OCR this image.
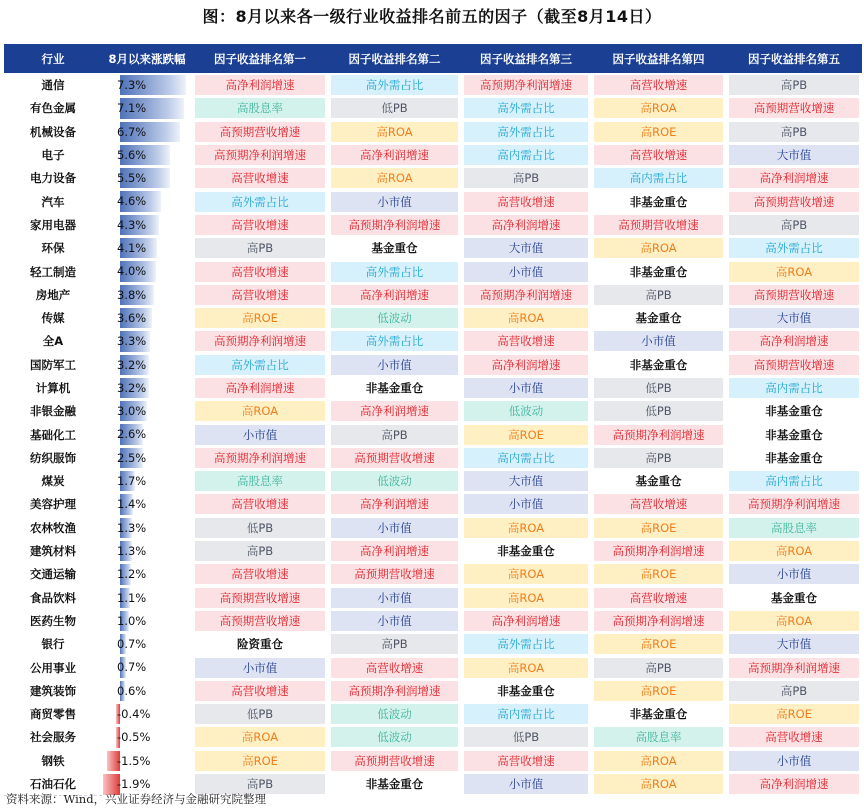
图：8月以来各一级行业收益排名前五的因子（截至8月14日）
行业	8月以来涨跌幅	因子收益排名第一	因子收益排名第二	因子收益排名第三	因子收益排名第四	因子收益排名第五
通信	7.3%	高净利润增速	高外需占比	高预期净利润增速	高营收增速	高PB

有色金属	7.1%	高股息率	低PB	高外需占比	高ROA	高预期营收增速

机械设备	6.7%	高预期营收增速	高ROA	高外需占比	高ROE	高PB

电子	5.6%	高预期净利润增速	高净利润增速	高内需占比	高营收增速	大市值

电力设备	5.5%	高营收增速	高ROA	高PB	高内需占比	高净利润增速

汽车	4.6%	高外需占比	小市值	高营收增速	非基金重仓	高预期营收增速

家用电器	4.3%	高营收增速	高预期净利润增速	高净利润增速	高预期营收增速	高PB

环保	4.1%	高PB	基金重仓	大市值	高ROA	高外需占比

轻工制造	4.0%	高营收增速	高外需占比	小市值	非基金重仓	高ROA

房地产	3.8%	高营收增速	高净利润增速	高预期净利润增速	高PB	高预期营收增速

传媒	3.6%	高ROE	低波动	高ROA	基金重仓	大市值

全A	3.3%	高预期净利润增速	高外需占比	高营收增速	小市值	高净利润增速

国防军工	3.2%	高外需占比	小市值	高净利润增速	非基金重仓	高预期营收增速

计算机	3.2%	高净利润增速	非基金重仓	小市值	低PB	高内需占比

非银金融	3.0%	高ROA	高净利润增速	低波动	低PB	非基金重仓

基础化工	2.6%	小市值	高PB	高ROE	高预期净利润增速	非基金重仓

纺织服饰	2.5%	高预期净利润增速	高预期营收增速	高内需占比	高PB	非基金重仓

煤炭	1.7%	高股息率	低波动	大市值	基金重仓	高内需占比

美容护理	1.4%	高营收增速	高净利润增速	小市值	高营收增速	高预期净利润增速

农林牧渔	1.3%	低PB	小市值	高ROA	高ROE	高股息率

建筑材料	1.3%	高PB	高净利润增速	非基金重仓	高预期净利润增速	高ROA

交通运输	1.2%	高营收增速	高预期营收增速	高ROA	高ROE	小市值

食品饮料	1.1%	高预期营收增速	小市值	高ROA	高营收增速	基金重仓

医药生物	1.0%	高预期营收增速	小市值	高净利润增速	高预期净利润增速	高ROA

银行	0.7%	险资重仓	高PB	高外需占比	高ROE	大市值

公用事业	0.7%	小市值	高营收增速	高ROA	高PB	高预期净利润增速

建筑装饰	0.6%	高营收增速	高预期净利润增速	非基金重仓	高ROE	高PB

商贸零售	-0.4%	低PB	低波动	高内需占比	非基金重仓	高ROE

社会服务	-0.5%	高ROA	低波动	低PB	高股息率	高营收增速

钢铁	-1.5%	高ROE	高预期营收增速	高营收增速	高ROA	小市值

石油石化	-1.9%	高PB	非基金重仓	小市值	高ROA	高净利润增速
资料来源：Wind，兴业证券经济与金融研究院整理
